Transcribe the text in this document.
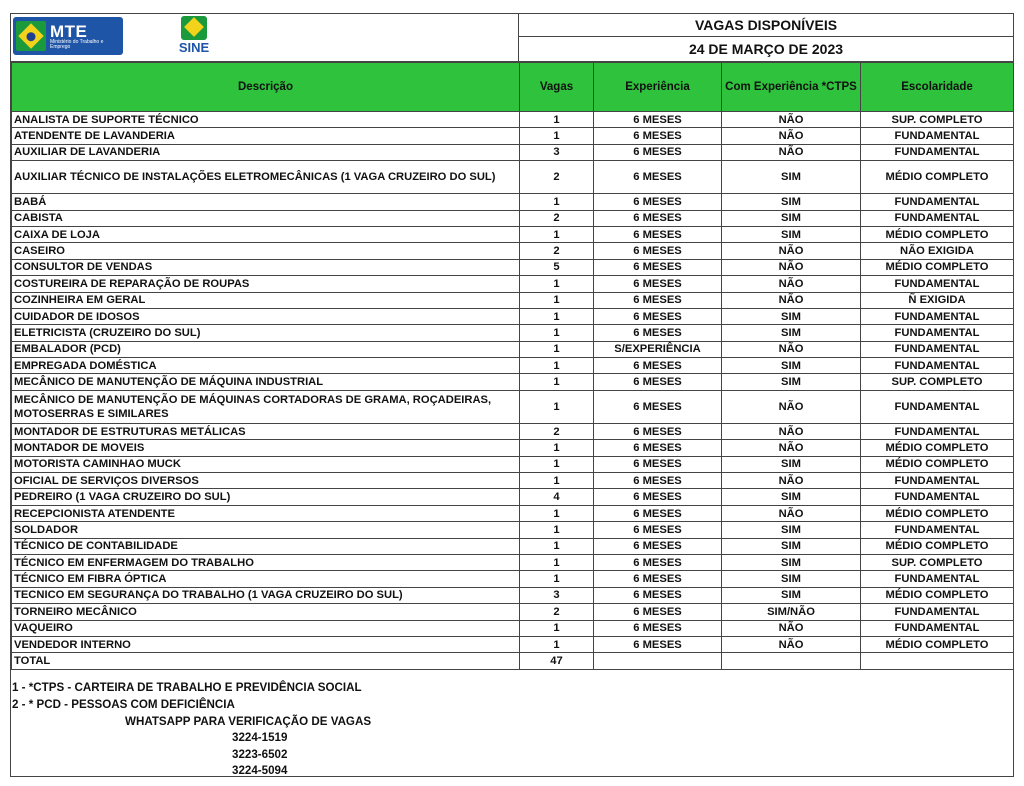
MTE
Ministério do Trabalho e Emprego	SINE
VAGAS DISPONÍVEIS
24 DE MARÇO DE 2023
Descrição	Vagas	Experiência	Com Experiência *CTPS	Escolaridade
ANALISTA DE SUPORTE TÉCNICO	1	6 MESES	NÃO	SUP. COMPLETO
ATENDENTE DE LAVANDERIA	1	6 MESES	NÃO	FUNDAMENTAL
AUXILIAR DE LAVANDERIA	3	6 MESES	NÃO	FUNDAMENTAL
AUXILIAR TÉCNICO DE INSTALAÇÕES ELETROMECÂNICAS (1 VAGA CRUZEIRO DO SUL)	2	6 MESES	SIM	MÉDIO COMPLETO
BABÁ	1	6 MESES	SIM	FUNDAMENTAL
CABISTA	2	6 MESES	SIM	FUNDAMENTAL
CAIXA DE LOJA	1	6 MESES	SIM	MÉDIO COMPLETO
CASEIRO	2	6 MESES	NÃO	NÃO EXIGIDA
CONSULTOR DE VENDAS	5	6 MESES	NÃO	MÉDIO COMPLETO
COSTUREIRA DE REPARAÇÃO DE ROUPAS	1	6 MESES	NÃO	FUNDAMENTAL
COZINHEIRA EM GERAL	1	6 MESES	NÃO	Ñ EXIGIDA
CUIDADOR DE IDOSOS	1	6 MESES	SIM	FUNDAMENTAL
ELETRICISTA (CRUZEIRO DO SUL)	1	6 MESES	SIM	FUNDAMENTAL
EMBALADOR (PCD)	1	S/EXPERIÊNCIA	NÃO	FUNDAMENTAL
EMPREGADA DOMÉSTICA	1	6 MESES	SIM	FUNDAMENTAL
MECÂNICO DE MANUTENÇÃO DE MÁQUINA INDUSTRIAL	1	6 MESES	SIM	SUP. COMPLETO
MECÂNICO DE MANUTENÇÃO DE MÁQUINAS CORTADORAS DE GRAMA, ROÇADEIRAS, MOTOSERRAS E SIMILARES	1	6 MESES	NÃO	FUNDAMENTAL
MONTADOR DE ESTRUTURAS METÁLICAS	2	6 MESES	NÃO	FUNDAMENTAL
MONTADOR DE MOVEIS	1	6 MESES	NÃO	MÉDIO COMPLETO
MOTORISTA CAMINHAO MUCK	1	6 MESES	SIM	MÉDIO COMPLETO
OFICIAL DE SERVIÇOS DIVERSOS	1	6 MESES	NÃO	FUNDAMENTAL
PEDREIRO (1 VAGA CRUZEIRO DO SUL)	4	6 MESES	SIM	FUNDAMENTAL
RECEPCIONISTA ATENDENTE	1	6 MESES	NÃO	MÉDIO COMPLETO
SOLDADOR	1	6 MESES	SIM	FUNDAMENTAL
TÉCNICO DE CONTABILIDADE	1	6 MESES	SIM	MÉDIO COMPLETO
TÉCNICO EM ENFERMAGEM DO TRABALHO	1	6 MESES	SIM	SUP. COMPLETO
TÉCNICO EM FIBRA ÓPTICA	1	6 MESES	SIM	FUNDAMENTAL
TECNICO EM SEGURANÇA DO TRABALHO (1 VAGA CRUZEIRO DO SUL)	3	6 MESES	SIM	MÉDIO COMPLETO
TORNEIRO MECÂNICO	2	6 MESES	SIM/NÃO	FUNDAMENTAL
VAQUEIRO	1	6 MESES	NÃO	FUNDAMENTAL
VENDEDOR INTERNO	1	6 MESES	NÃO	MÉDIO COMPLETO
TOTAL	47			
1 - *CTPS - CARTEIRA DE TRABALHO E PREVIDÊNCIA SOCIAL
2 - * PCD - PESSOAS COM DEFICIÊNCIA
WHATSAPP PARA VERIFICAÇÃO DE VAGAS
3224-1519
3223-6502
3224-5094
